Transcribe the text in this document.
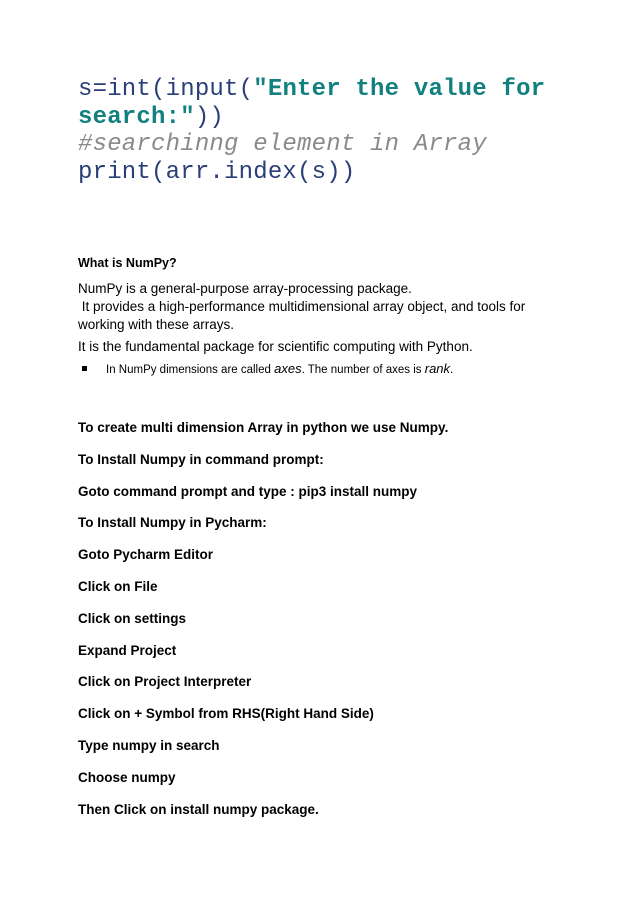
s=int(input("Enter the value for
search:"))
#searchinng element in Array
print(arr.index(s))
What is NumPy?
NumPy is a general-purpose array-processing package.
It provides a high-performance multidimensional array object, and tools for working with these arrays.
It is the fundamental package for scientific computing with Python.
In NumPy dimensions are called axes. The number of axes is rank.
To create multi dimension Array in python we use Numpy.
To Install Numpy in command prompt:
Goto command prompt and type : pip3 install numpy
To Install Numpy in Pycharm:
Goto Pycharm Editor
Click on File
Click on settings
Expand Project
Click on Project Interpreter
Click on + Symbol from RHS(Right Hand Side)
Type numpy in search
Choose numpy
Then Click on install numpy package.
